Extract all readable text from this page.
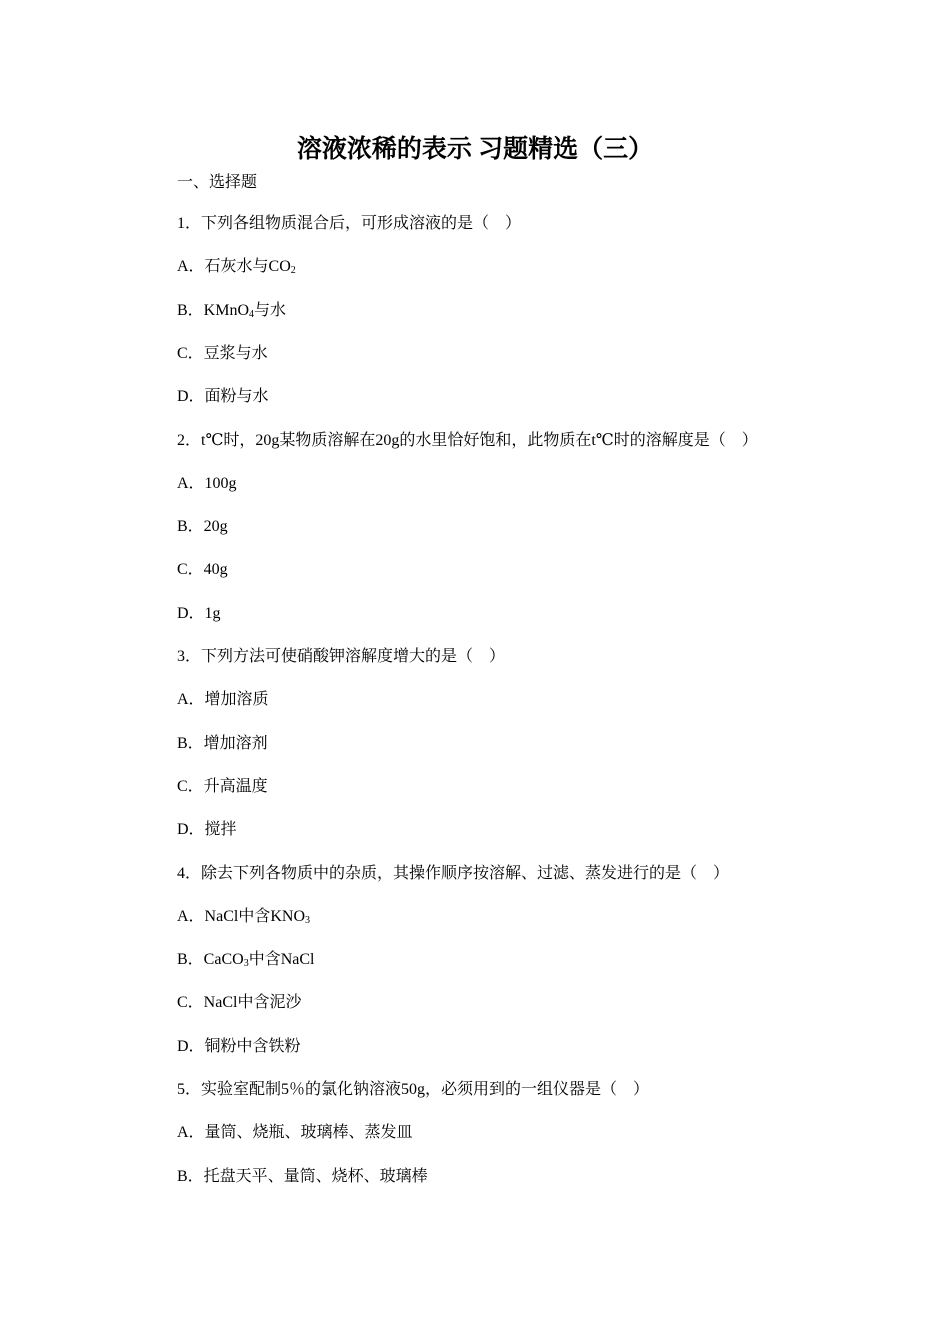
溶液浓稀的表示 习题精选（三）
一、选择题
1．下列各组物质混合后，可形成溶液的是（　）
A．石灰水与$CO_2$
B．KMnO$_4$与水
C．豆浆与水
D．面粉与水
2．t℃时，20g某物质溶解在20g的水里恰好饱和，此物质在t℃时的溶解度是（　）
A．100g
B．20g
C．40g
D．1g
3．下列方法可使硝酸钾溶解度增大的是（　）
A．增加溶质
B．增加溶剂
C．升高温度
D．搅拌
4．除去下列各物质中的杂质，其操作顺序按溶解、过滤、蒸发进行的是（　）
A．NaCl中含$KNO_3$
B．CaCO$_3$中含NaCl
C．NaCl中含泥沙
D．铜粉中含铁粉
5．实验室配制5％的氯化钠溶液50g，必须用到的一组仪器是（　）
A．量筒、烧瓶、玻璃棒、蒸发皿
B．托盘天平、量筒、烧杯、玻璃棒
